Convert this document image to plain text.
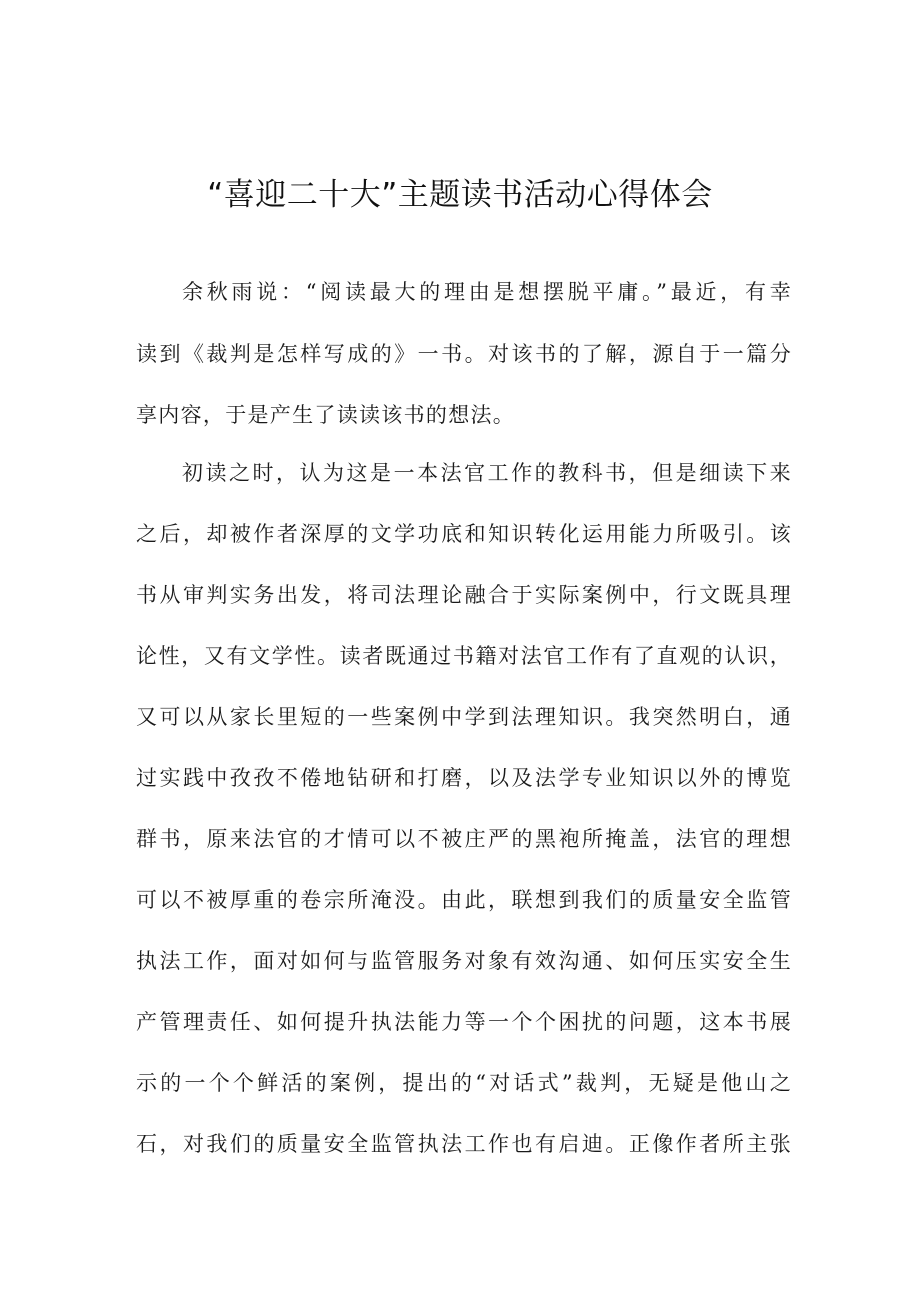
“喜迎二十大”主题读书活动心得体会
余秋雨说：“阅读最大的理由是想摆脱平庸。”最近，有幸
读到《裁判是怎样写成的》一书。对该书的了解，源自于一篇分
享内容，于是产生了读读该书的想法。
初读之时，认为这是一本法官工作的教科书，但是细读下来
之后，却被作者深厚的文学功底和知识转化运用能力所吸引。该
书从审判实务出发，将司法理论融合于实际案例中，行文既具理
论性，又有文学性。读者既通过书籍对法官工作有了直观的认识，
又可以从家长里短的一些案例中学到法理知识。我突然明白，通
过实践中孜孜不倦地钻研和打磨，以及法学专业知识以外的博览
群书，原来法官的才情可以不被庄严的黑袍所掩盖，法官的理想
可以不被厚重的卷宗所淹没。由此，联想到我们的质量安全监管
执法工作，面对如何与监管服务对象有效沟通、如何压实安全生
产管理责任、如何提升执法能力等一个个困扰的问题，这本书展
示的一个个鲜活的案例，提出的“对话式”裁判，无疑是他山之
石，对我们的质量安全监管执法工作也有启迪。正像作者所主张
